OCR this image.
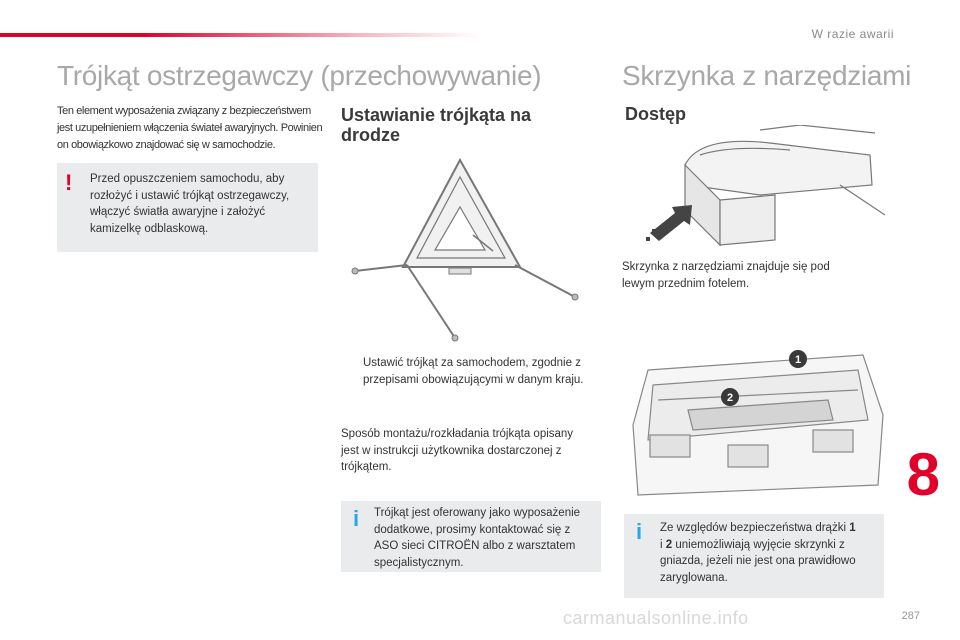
W razie awarii
Trójkąt ostrzegawczy (przechowywanie)
Ten element wyposażenia związany z bezpieczeństwem jest uzupełnieniem włączenia świateł awaryjnych. Powinien on obowiązkowo znajdować się w samochodzie.
! Przed opuszczeniem samochodu, aby rozłożyć i ustawić trójkąt ostrzegawczy, włączyć światła awaryjne i założyć kamizelkę odblaskową.

Ustawianie trójkąta na drodze
Ustawić trójkąt za samochodem, zgodnie z przepisami obowiązującymi w danym kraju.
Sposób montażu/rozkładania trójkąta opisany jest w instrukcji użytkownika dostarczonej z trójkątem.
i Trójkąt jest oferowany jako wyposażenie dodatkowe, prosimy kontaktować się z ASO sieci CITROËN albo z warsztatem specjalistycznym.

Skrzynka z narzędziami
Dostęp
Skrzynka z narzędziami znajduje się pod lewym przednim fotelem.
1
2
i Ze względów bezpieczeństwa drążki 1
i 2 uniemożliwiają wyjęcie skrzynki z gniazda, jeżeli nie jest ona prawidłowo zaryglowana.

8
carmanualsonline.info	287
